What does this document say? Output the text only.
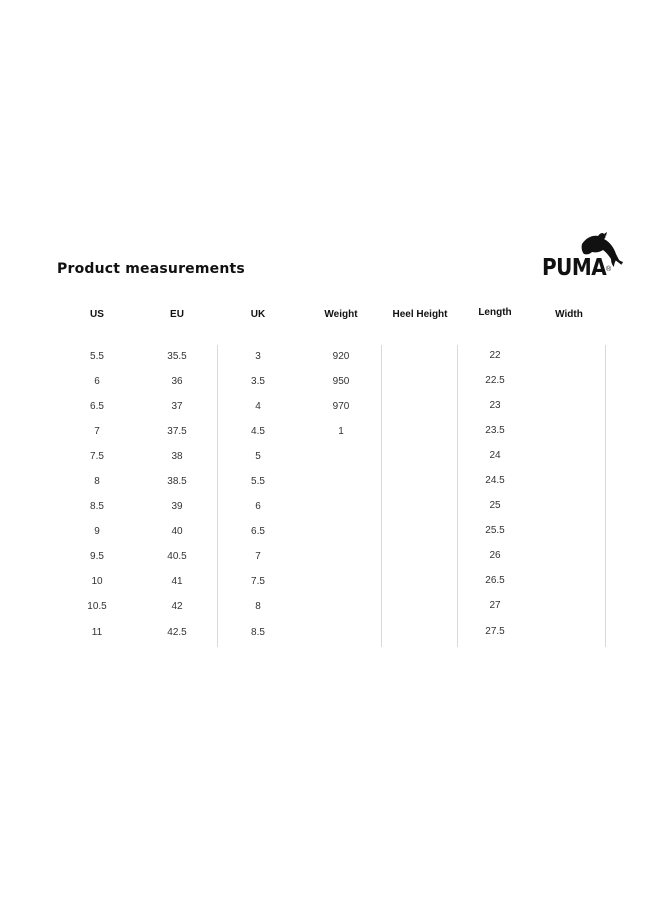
Product measurements	PUMA ®
US
5.5
6
6.5
7
7.5
8
8.5
9
9.5
10
10.5
11
EU
35.5
36
37
37.5
38
38.5
39
40
40.5
41
42
42.5
UK
3
3.5
4
4.5
5
5.5
6
6.5
7
7.5
8
8.5
Weight
920
950
970
1
Heel Height	Length
22
22.5
23
23.5
24
24.5
25
25.5
26
26.5
27
27.5
Width
